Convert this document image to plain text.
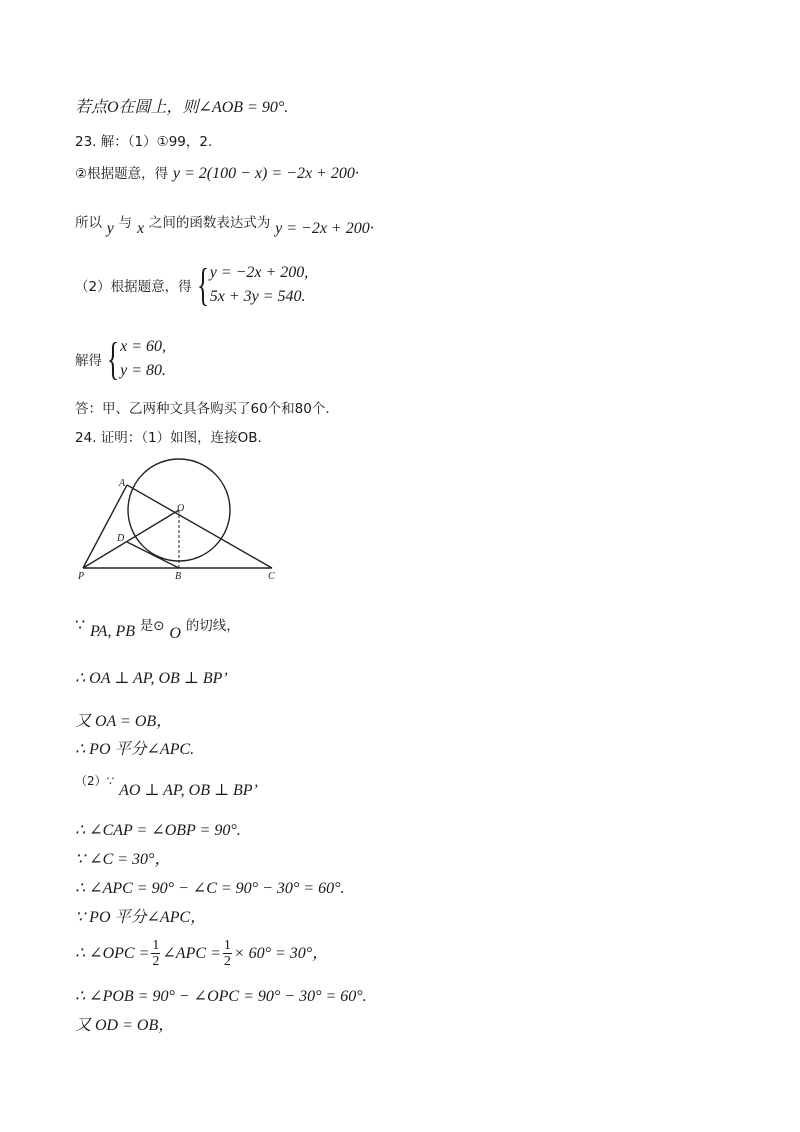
若点O在圆上，则∠AOB = 90°.
23. 解：（1）①99，2.
②根据题意，得 y = 2(100 − x) = −2x + 200·
所以 y 与 x 之间的函数表达式为 y = −2x + 200·
（2）根据题意，得 { y = −2x + 200,
5x + 3y = 540.
解得 { x = 60,
y = 80.
答：甲、乙两种文具各购买了60个和80个.
24. 证明：（1）如图，连接OB.
A
O
D
P	B	C
∵ PA, PB 是⊙ O 的切线，
∴ OA ⊥ AP, OB ⊥ BP’
又 OA = OB，
∴ PO 平分∠APC.
（2）∵ AO ⊥ AP, OB ⊥ BP’
∴ ∠CAP = ∠OBP = 90°.
∵ ∠C = 30°，
∴ ∠APC = 90° − ∠C = 90° − 30° = 60°.
∵ PO 平分∠APC，
∴ ∠OPC = $\frac{1}{2}$ ∠APC = $\frac{1}{2} \times 60^\circ = 30^\circ$，
∴ ∠POB = 90° − ∠OPC = 90° − 30° = 60°.
又 OD = OB，
